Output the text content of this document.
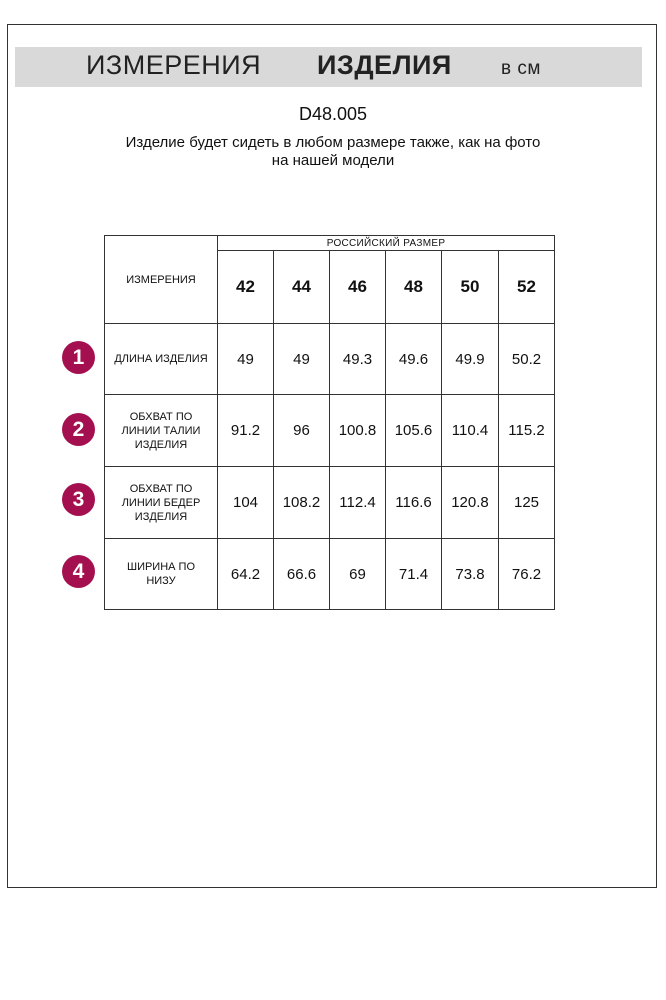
ИЗМЕРЕНИЯ ИЗДЕЛИЯ	в см
D48.005
Изделие будет сидеть в любом размере также, как на фото
на нашей модели
ИЗМЕРЕНИЯ	РОССИЙСКИЙ РАЗМЕР					
	42	44	46	48	50	52

ДЛИНА ИЗДЕЛИЯ	49	49	49.3	49.6	49.9	50.2

ОБХВАТ ПО
ЛИНИИ ТАЛИИ
ИЗДЕЛИЯ	91.2	96	100.8	105.6	110.4	115.2

ОБХВАТ ПО
ЛИНИИ БЕДЕР
ИЗДЕЛИЯ	104	108.2	112.4	116.6	120.8	125

ШИРИНА ПО
НИЗУ	64.2	66.6	69	71.4	73.8	76.2
1
2
3
4
